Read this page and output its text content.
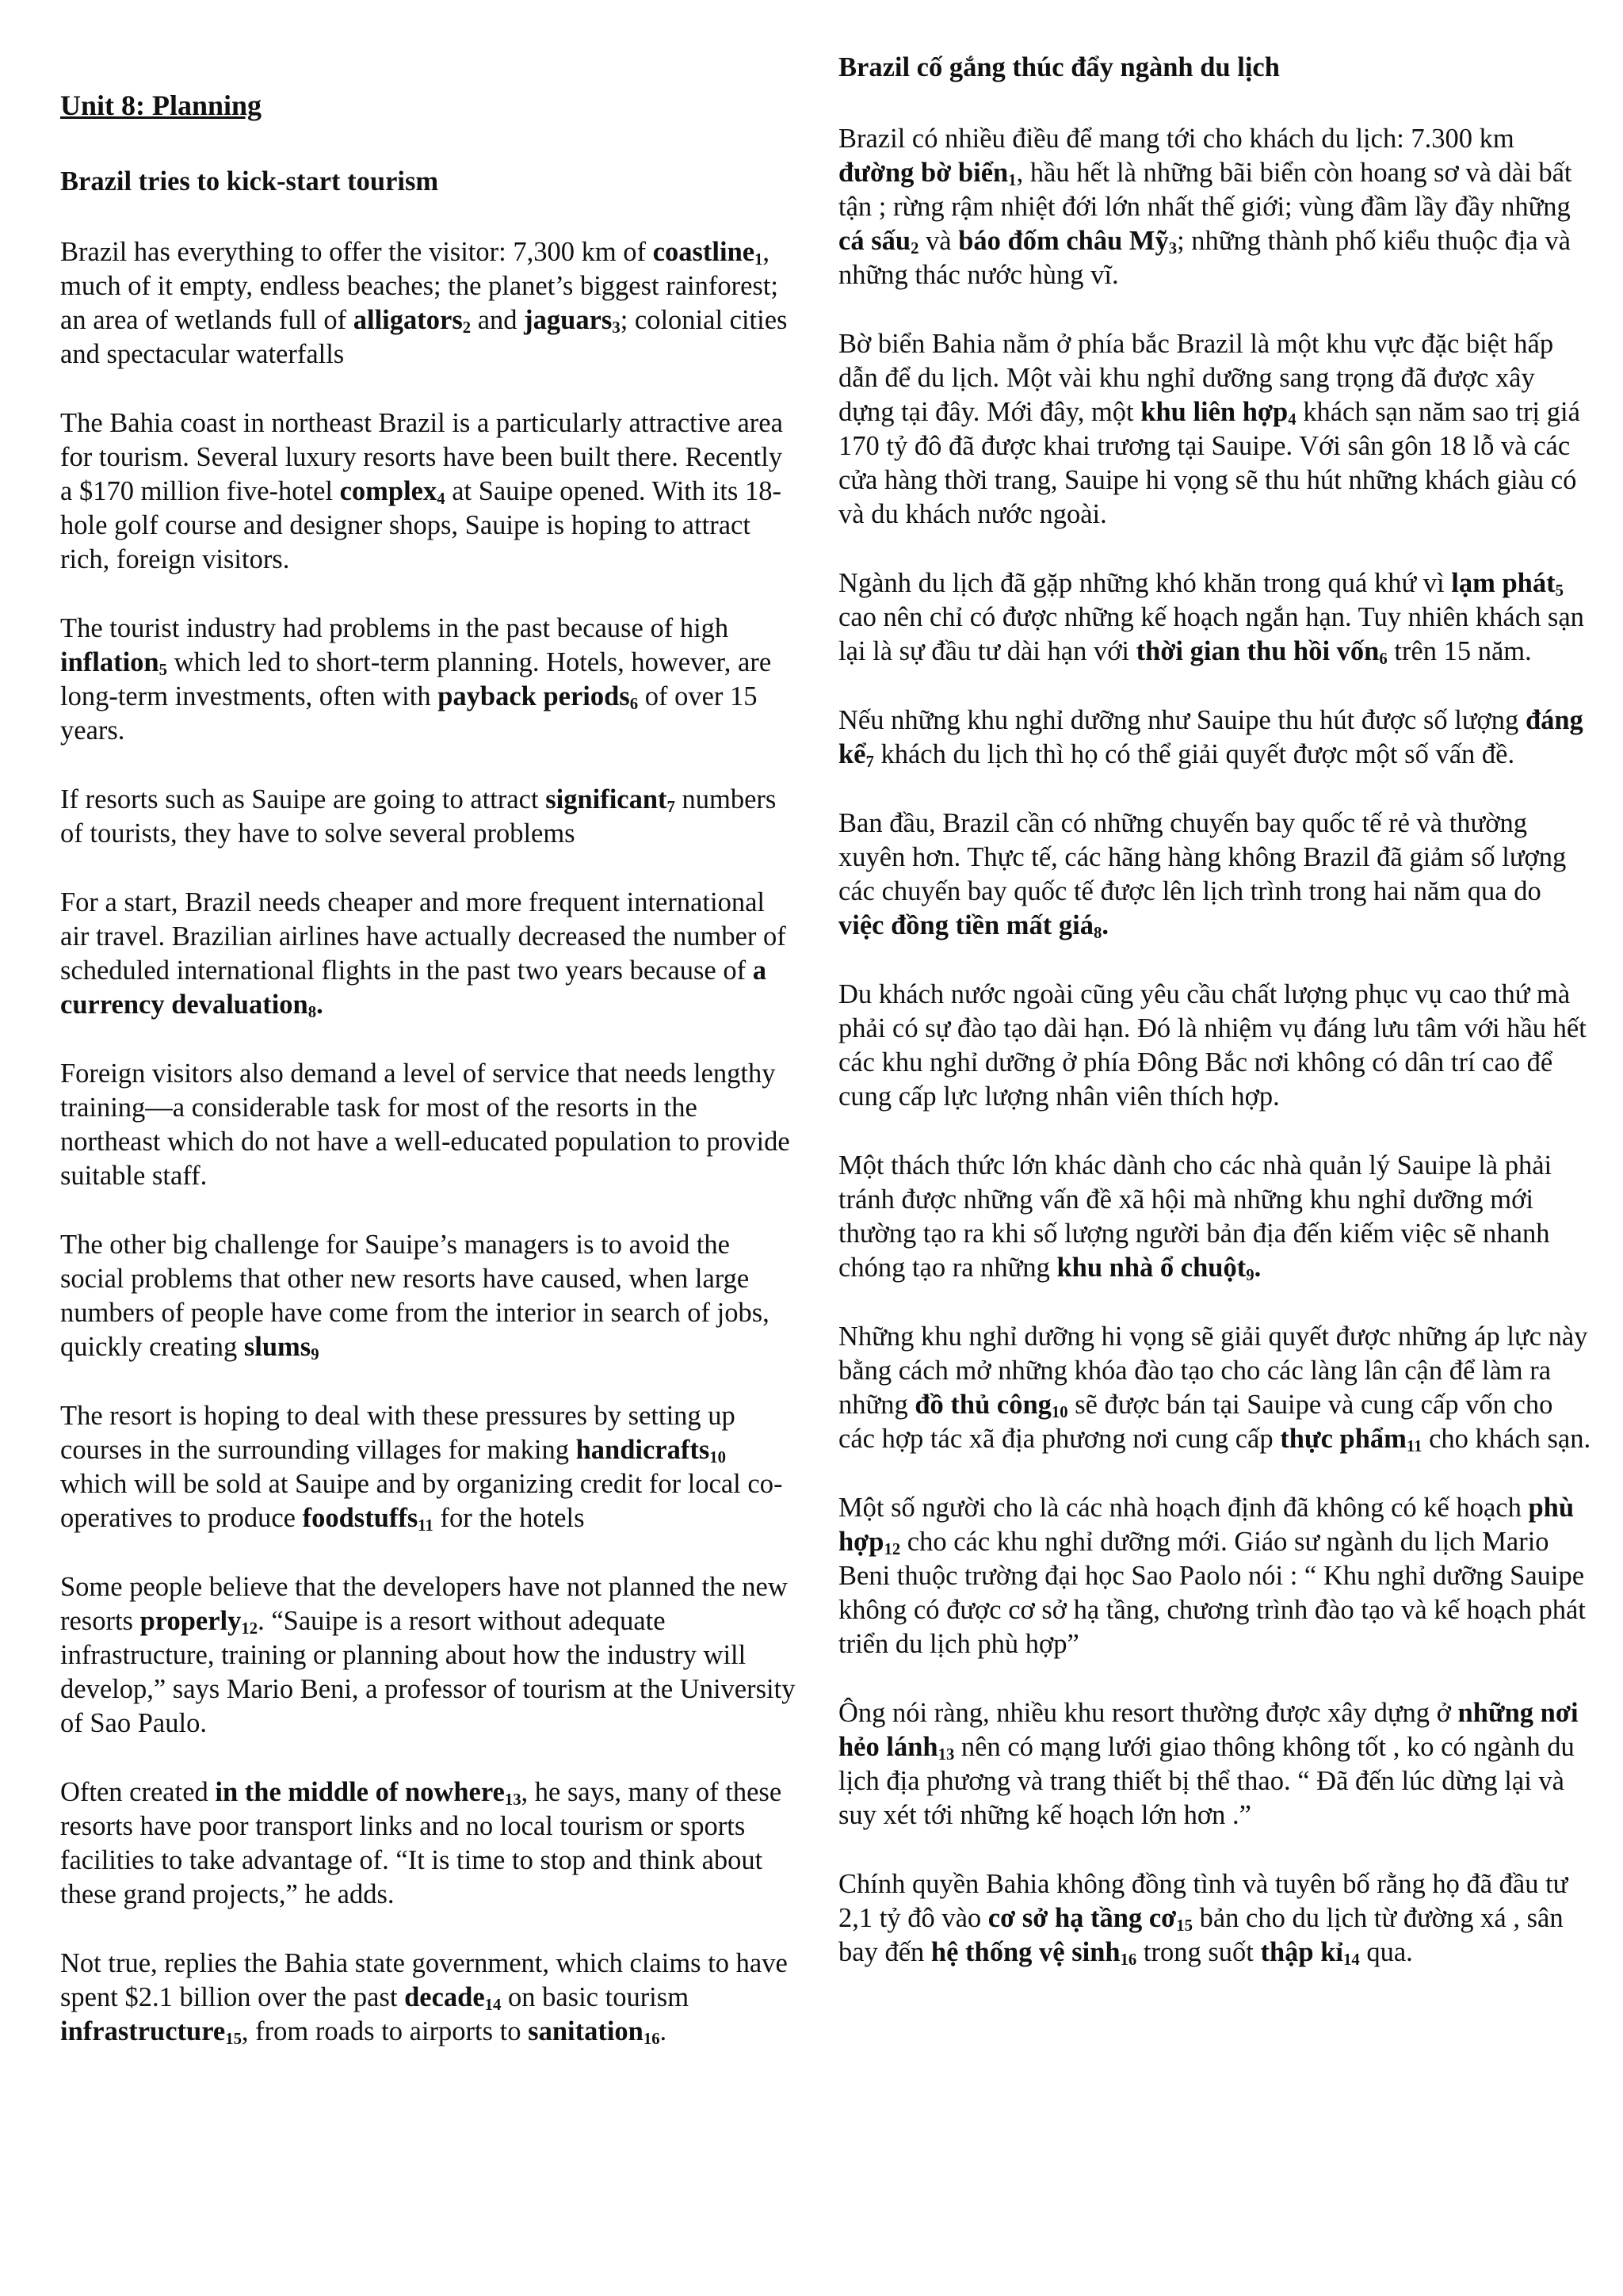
Unit 8: Planning
Brazil tries to kick-start tourism

Brazil has everything to offer the visitor: 7,300 km of coastline$_1$, much of it empty, endless beaches; the planet’s biggest rainforest; an area of wetlands full of alligators$_2$ and jaguars$_3$; colonial cities and spectacular waterfalls

The Bahia coast in northeast Brazil is a particularly attractive area for tourism. Several luxury resorts have been built there. Recently a $170 million five-hotel complex$_4$ at Sauipe opened. With its 18-hole golf course and designer shops, Sauipe is hoping to attract rich, foreign visitors.

The tourist industry had problems in the past because of high inflation$_5$ which led to short-term planning. Hotels, however, are long-term investments, often with payback periods$_6$ of over 15 years.

If resorts such as Sauipe are going to attract significant$_7$ numbers of tourists, they have to solve several problems

For a start, Brazil needs cheaper and more frequent international air travel. Brazilian airlines have actually decreased the number of scheduled international flights in the past two years because of a currency devaluation$_8$.

Foreign visitors also demand a level of service that needs lengthy training—a considerable task for most of the resorts in the northeast which do not have a well-educated population to provide suitable staff.

The other big challenge for Sauipe’s managers is to avoid the social problems that other new resorts have caused, when large numbers of people have come from the interior in search of jobs, quickly creating slums$_9$

The resort is hoping to deal with these pressures by setting up courses in the surrounding villages for making handicrafts$_{10}$ which will be sold at Sauipe and by organizing credit for local co-operatives to produce foodstuffs$_{11}$ for the hotels

Some people believe that the developers have not planned the new resorts properly$_{12}$. “Sauipe is a resort without adequate infrastructure, training or planning about how the industry will develop,” says Mario Beni, a professor of tourism at the University of Sao Paulo.

Often created in the middle of nowhere$_{13}$, he says, many of these resorts have poor transport links and no local tourism or sports facilities to take advantage of. “It is time to stop and think about these grand projects,” he adds.

Not true, replies the Bahia state government, which claims to have spent $2.1 billion over the past decade$_{14}$ on basic tourism infrastructure$_{15}$, from roads to airports to sanitation$_{16}$.

Brazil cố gắng thúc đẩy ngành du lịch

Brazil có nhiều điều để mang tới cho khách du lịch: 7.300 km đường bờ biển$_1$, hầu hết là những bãi biển còn hoang sơ và dài bất tận ; rừng rậm nhiệt đới lớn nhất thế giới; vùng đầm lầy đầy những cá sấu$_2$ và báo đốm châu Mỹ$_3$; những thành phố kiểu thuộc địa và những thác nước hùng vĩ.

Bờ biển Bahia nằm ở phía bắc Brazil là một khu vực đặc biệt hấp dẫn để du lịch. Một vài khu nghỉ dưỡng sang trọng đã được xây dựng tại đây. Mới đây, một khu liên hợp$_4$ khách sạn năm sao trị giá 170 tỷ đô đã được khai trương tại Sauipe. Với sân gôn 18 lỗ và các cửa hàng thời trang, Sauipe hi vọng sẽ thu hút những khách giàu có và du khách nước ngoài.

Ngành du lịch đã gặp những khó khăn trong quá khứ vì lạm phát$_5$ cao nên chỉ có được những kế hoạch ngắn hạn. Tuy nhiên khách sạn lại là sự đầu tư dài hạn với thời gian thu hồi vốn$_6$ trên 15 năm.

Nếu những khu nghỉ dưỡng như Sauipe thu hút được số lượng đáng kể$_7$ khách du lịch thì họ có thể giải quyết được một số vấn đề.

Ban đầu, Brazil cần có những chuyến bay quốc tế rẻ và thường xuyên hơn. Thực tế, các hãng hàng không Brazil đã giảm số lượng các chuyến bay quốc tế được lên lịch trình trong hai năm qua do việc đồng tiền mất giá$_8$.

Du khách nước ngoài cũng yêu cầu chất lượng phục vụ cao thứ mà phải có sự đào tạo dài hạn. Đó là nhiệm vụ đáng lưu tâm với hầu hết các khu nghỉ dưỡng ở phía Đông Bắc nơi không có dân trí cao để cung cấp lực lượng nhân viên thích hợp.

Một thách thức lớn khác dành cho các nhà quản lý Sauipe là phải tránh được những vấn đề xã hội mà những khu nghỉ dưỡng mới thường tạo ra khi số lượng người bản địa đến kiếm việc sẽ nhanh chóng tạo ra những khu nhà ổ chuột$_9$.

Những khu nghỉ dưỡng hi vọng sẽ giải quyết được những áp lực này bằng cách mở những khóa đào tạo cho các làng lân cận để làm ra những đồ thủ công$_{10}$ sẽ được bán tại Sauipe và cung cấp vốn cho các hợp tác xã địa phương nơi cung cấp thực phẩm$_{11}$ cho khách sạn.

Một số người cho là các nhà hoạch định đã không có kế hoạch phù hợp$_{12}$ cho các khu nghỉ dưỡng mới. Giáo sư ngành du lịch Mario Beni thuộc trường đại học Sao Paolo nói : “ Khu nghỉ dưỡng Sauipe không có được cơ sở hạ tầng, chương trình đào tạo và kế hoạch phát triển du lịch phù hợp”

Ông nói ràng, nhiều khu resort thường được xây dựng ở những nơi hẻo lánh$_{13}$ nên có mạng lưới giao thông không tốt , ko có ngành du lịch địa phương và trang thiết bị thể thao. “ Đã đến lúc dừng lại và suy xét tới những kế hoạch lớn hơn .”

Chính quyền Bahia không đồng tình và tuyên bố rằng họ đã đầu tư 2,1 tỷ đô vào cơ sở hạ tầng $cơ_{15}$ bản cho du lịch từ đường xá , sân bay đến hệ thống vệ $\sinh_{16}$ trong suốt thập kỉ$_{14}$ qua.
